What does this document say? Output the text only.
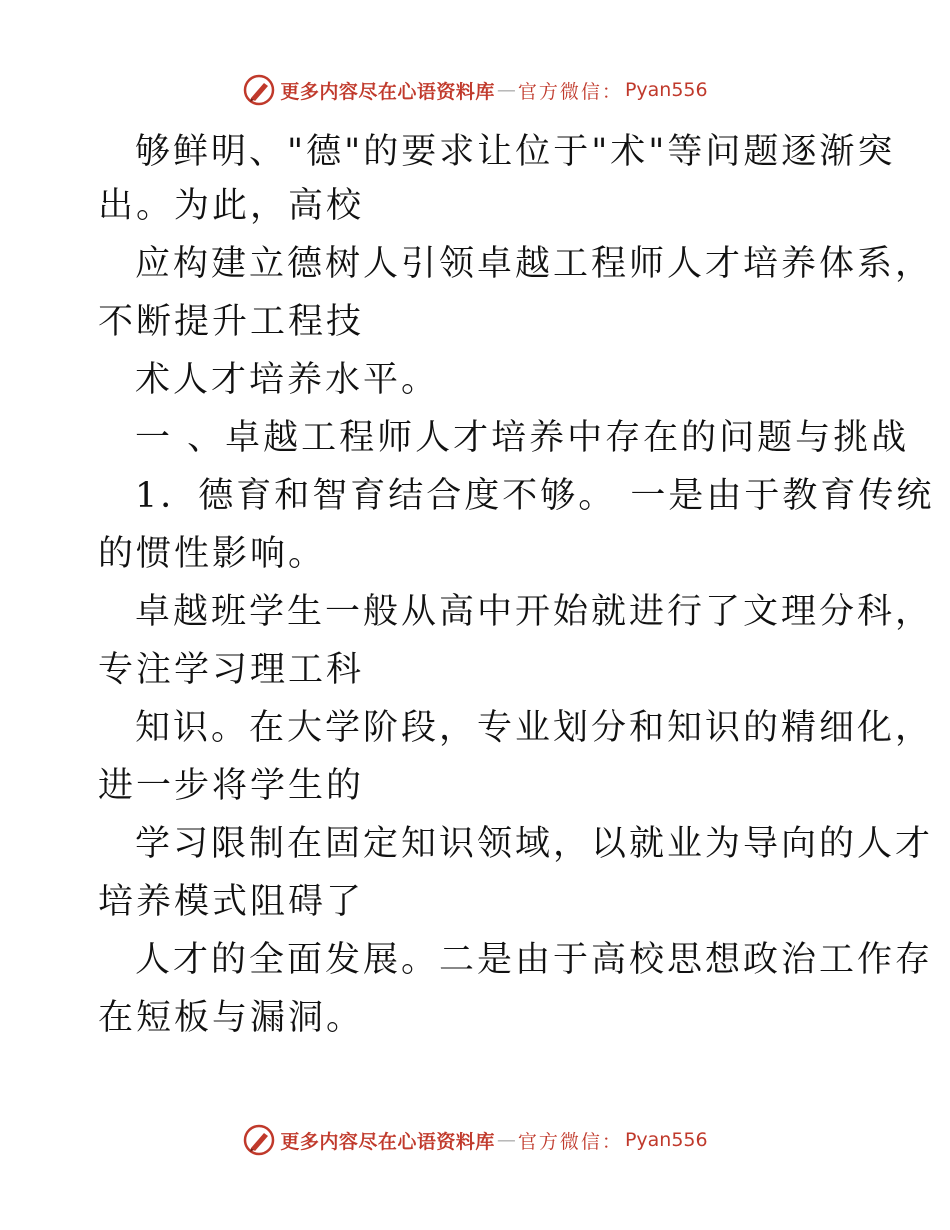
更多内容尽在心语资料库 — 官方微信 ： Pyan556
够鲜明、"德"的要求让位于"术"等问题逐渐突
出。为此，高校
应构建立德树人引领卓越工程师人才培养体系，
不断提升工程技
术人才培养水平。
一 、卓越工程师人才培养中存在的问题与挑战
1．德育和智育结合度不够。 一是由于教育传统
的惯性影响。
卓越班学生一般从高中开始就进行了文理分科，
专注学习理工科
知识。在大学阶段，专业划分和知识的精细化，
进一步将学生的
学习限制在固定知识领域，以就业为导向的人才
培养模式阻碍了
人才的全面发展。二是由于高校思想政治工作存
在短板与漏洞。
更多内容尽在心语资料库 — 官方微信 ： Pyan556
